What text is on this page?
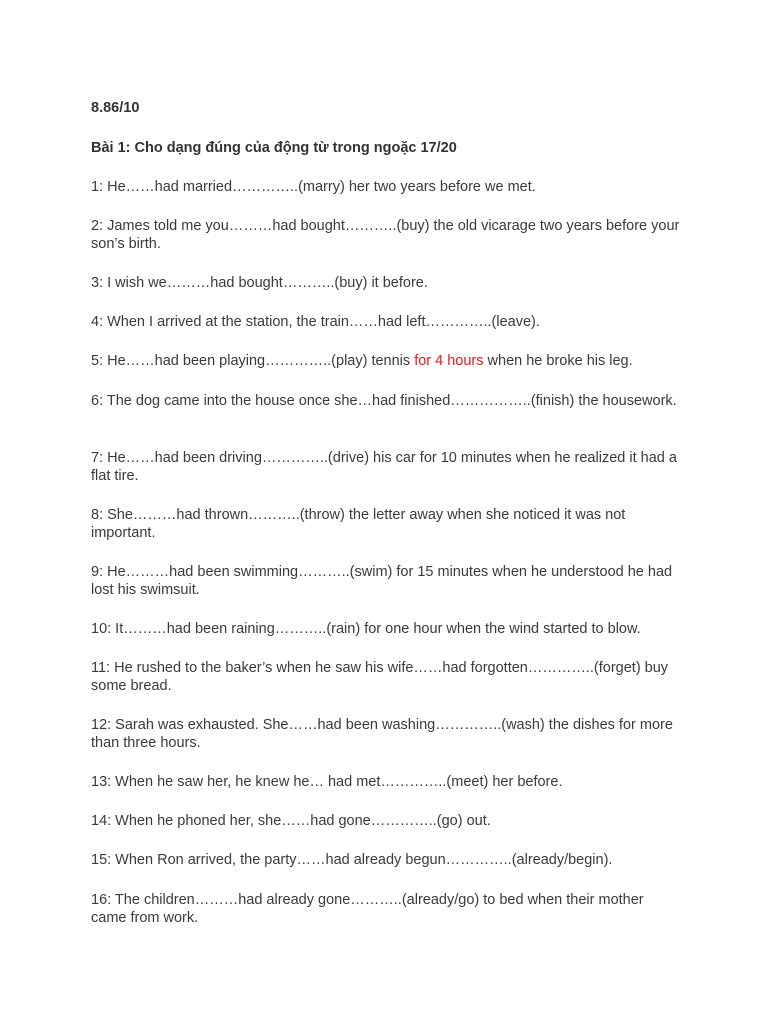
8.86/10
Bài 1: Cho dạng đúng của động từ trong ngoặc 17/20
1: He……had married…………..(marry) her two years before we met.
2: James told me you………had bought………..(buy) the old vicarage two years before your son’s birth.
3: I wish we………had bought………..(buy) it before.
4: When I arrived at the station, the train……had left…………..(leave).
5: He……had been playing…………..(play) tennis for 4 hours when he broke his leg.
6: The dog came into the house once she…had finished……………..(finish) the housework.
7: He……had been driving…………..(drive) his car for 10 minutes when he realized it had a flat tire.
8: She………had thrown………..(throw) the letter away when she noticed it was not important.
9: He………had been swimming………..(swim) for 15 minutes when he understood he had lost his swimsuit.
10: It………had been raining………..(rain) for one hour when the wind started to blow.
11: He rushed to the baker’s when he saw his wife……had forgotten…………..(forget) buy some bread.
12: Sarah was exhausted. She……had been washing…………..(wash) the dishes for more than three hours.
13: When he saw her, he knew he… had met…………..(meet) her before.
14: When he phoned her, she……had gone…………..(go) out.
15: When Ron arrived, the party……had already begun…………..(already/begin).
16: The children………had already gone………..(already/go) to bed when their mother came from work.
